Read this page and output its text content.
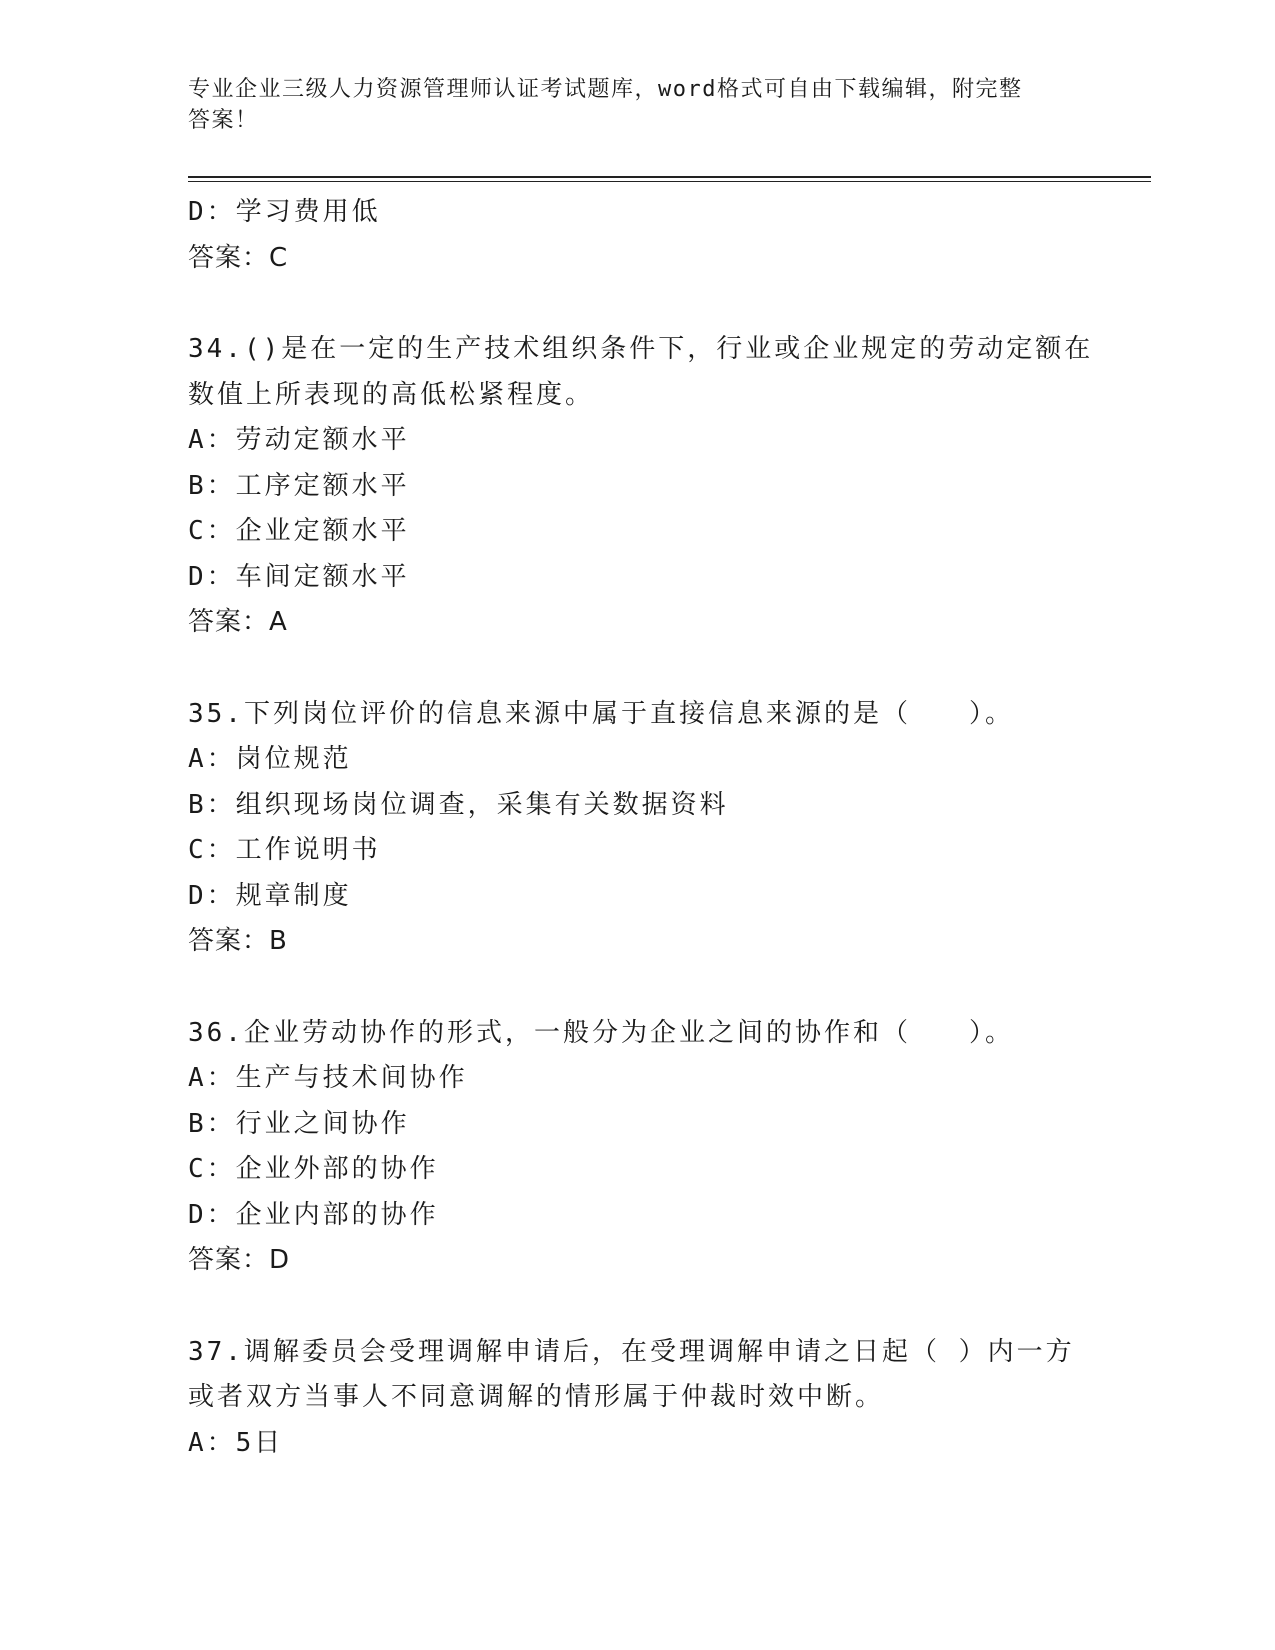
专业企业三级人力资源管理师认证考试题库，word格式可自由下载编辑，附完整
答案！
D：学习费用低
答案：C
34.()是在一定的生产技术组织条件下，行业或企业规定的劳动定额在
数值上所表现的高低松紧程度。
A：劳动定额水平
B：工序定额水平
C：企业定额水平
D：车间定额水平
答案：A
35.下列岗位评价的信息来源中属于直接信息来源的是（　　）。
A：岗位规范
B：组织现场岗位调查，采集有关数据资料
C：工作说明书
D：规章制度
答案：B
36.企业劳动协作的形式，一般分为企业之间的协作和（　　）。
A：生产与技术间协作
B：行业之间协作
C：企业外部的协作
D：企业内部的协作
答案：D
37.调解委员会受理调解申请后，在受理调解申请之日起（ ）内一方
或者双方当事人不同意调解的情形属于仲裁时效中断。
A：5日
